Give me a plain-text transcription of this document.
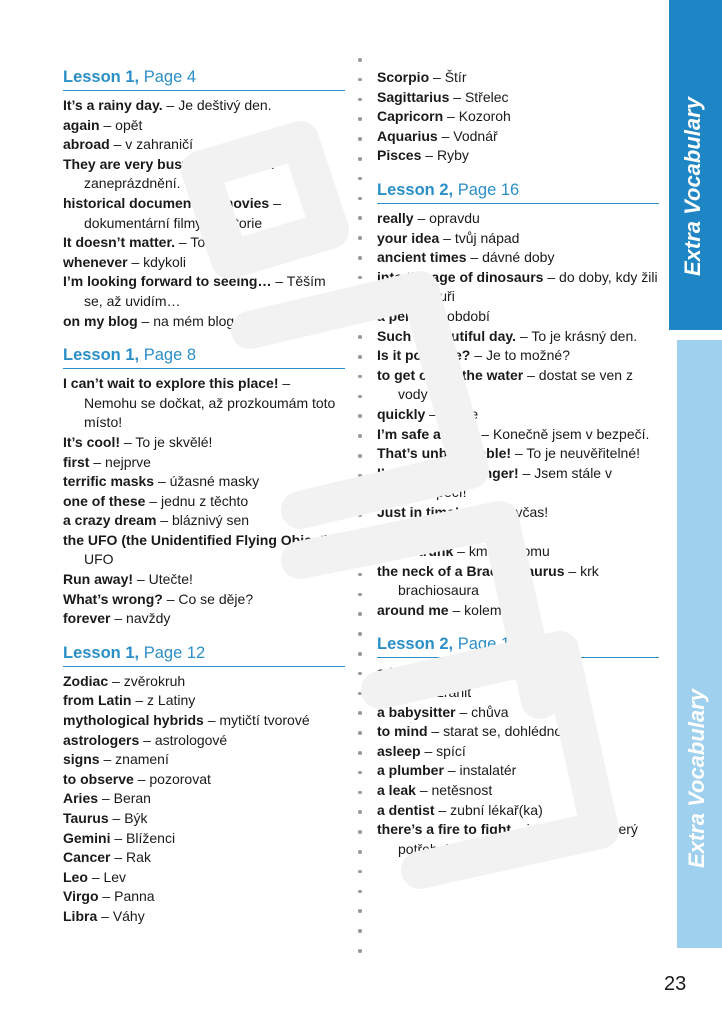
Lesson 1, Page 4
It’s a rainy day. – Je deštivý den.
again – opět
abroad – v zahraničí
They are very busy. – Jsou velmi zaneprázdnění.
historical documentary movies – dokumentární filmy z historie
It doesn’t matter. – To nevadí.
whenever – kdykoli
I’m looking forward to seeing… – Těším se, až uvidím…
on my blog – na mém blogu
Lesson 1, Page 8
I can’t wait to explore this place! – Nemohu se dočkat, až prozkoumám toto místo!
It’s cool! – To je skvělé!
first – nejprve
terrific masks – úžasné masky
one of these – jednu z těchto
a crazy dream – bláznivý sen
the UFO (the Unidentified Flying Object) – UFO
Run away! – Utečte!
What’s wrong? – Co se děje?
forever – navždy
Lesson 1, Page 12
Zodiac – zvěrokruh
from Latin – z Latiny
mythological hybrids – mytičtí tvorové
astrologers – astrologové
signs – znamení
to observe – pozorovat
Aries – Beran
Taurus – Býk
Gemini – Blíženci
Cancer – Rak
Leo – Lev
Virgo – Panna
Libra – Váhy
Scorpio – Štír
Sagittarius – Střelec
Capricorn – Kozoroh
Aquarius – Vodnář
Pisces – Ryby
Lesson 2, Page 16
really – opravdu
your idea – tvůj nápad
ancient times – dávné doby
into the age of dinosaurs – do doby, kdy žili dinosauři
a period – období
Such a beautiful day. – To je krásný den.
Is it possible? – Je to možné?
to get out of the water – dostat se ven z vody
quickly – rychle
I’m safe at last. – Konečně jsem v bezpečí.
That’s unbelievable! – To je neuvěřitelné!
I’m always in danger! – Jsem stále v nebezpečí!
Just in time! – Právě včas!
luckily – naštěstí
a tree trunk – kmen stromu
the neck of a Brachiosaurus – krk brachiosaura
around me – kolem mě
Lesson 2, Page 18
a tailor – krejčí
to hurt – zranit
a babysitter – chůva
to mind – starat se, dohlédnout
asleep – spící
a plumber – instalatér
a leak – netěsnost
a dentist – zubní lékař(ka)
there’s a fire to fight – je tam oheň, který potřebuje uhasit
Extra Vocabulary
Extra Vocabulary
23
